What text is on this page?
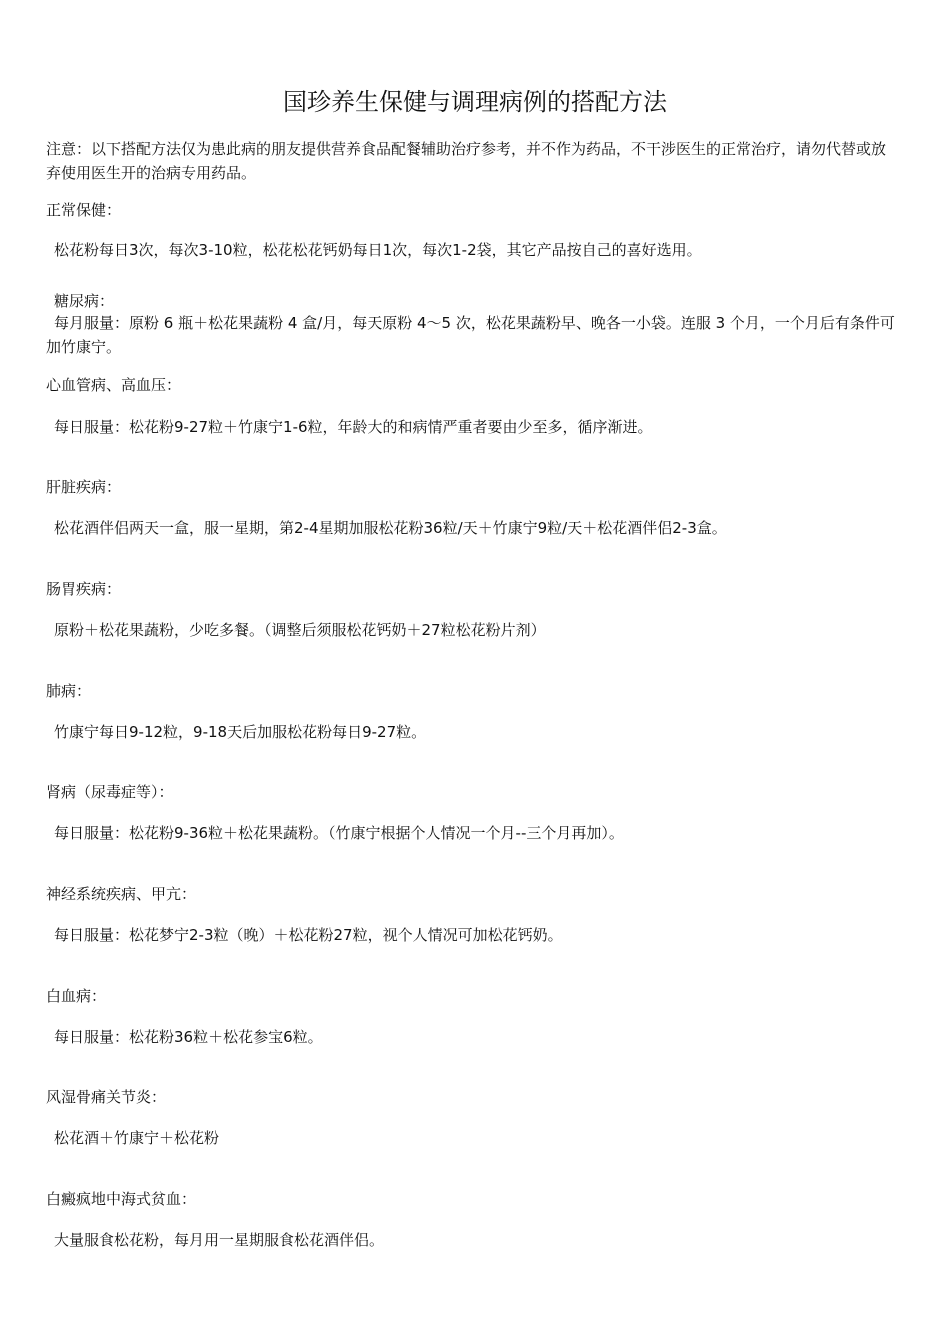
国珍养生保健与调理病例的搭配方法
注意：以下搭配方法仅为患此病的朋友提供营养食品配餐辅助治疗参考，并不作为药品，不干涉医生的正常治疗，请勿代替或放弃使用医生开的治病专用药品。
正常保健：
松花粉每日3次，每次3-10粒，松花松花钙奶每日1次，每次1-2袋，其它产品按自己的喜好选用。
糖尿病：
每月服量：原粉 6 瓶＋松花果蔬粉 4 盒/月，每天原粉 4～5 次，松花果蔬粉早、晚各一小袋。连服 3 个月，一个月后有条件可加竹康宁。
心血管病、高血压：
每日服量：松花粉9-27粒＋竹康宁1-6粒，年龄大的和病情严重者要由少至多，循序渐进。
肝脏疾病：
松花酒伴侣两天一盒，服一星期，第2-4星期加服松花粉36粒/天＋竹康宁9粒/天＋松花酒伴侣2-3盒。
肠胃疾病：
原粉＋松花果蔬粉，少吃多餐。（调整后须服松花钙奶＋27粒松花粉片剂）
肺病：
竹康宁每日9-12粒，9-18天后加服松花粉每日9-27粒。
肾病（尿毒症等）：
每日服量：松花粉9-36粒＋松花果蔬粉。（竹康宁根据个人情况一个月--三个月再加）。
神经系统疾病、甲亢：
每日服量：松花梦宁2-3粒（晚）＋松花粉27粒，视个人情况可加松花钙奶。
白血病：
每日服量：松花粉36粒＋松花参宝6粒。
风湿骨痛关节炎：
松花酒＋竹康宁＋松花粉
白癜疯地中海式贫血：
大量服食松花粉，每月用一星期服食松花酒伴侣。
